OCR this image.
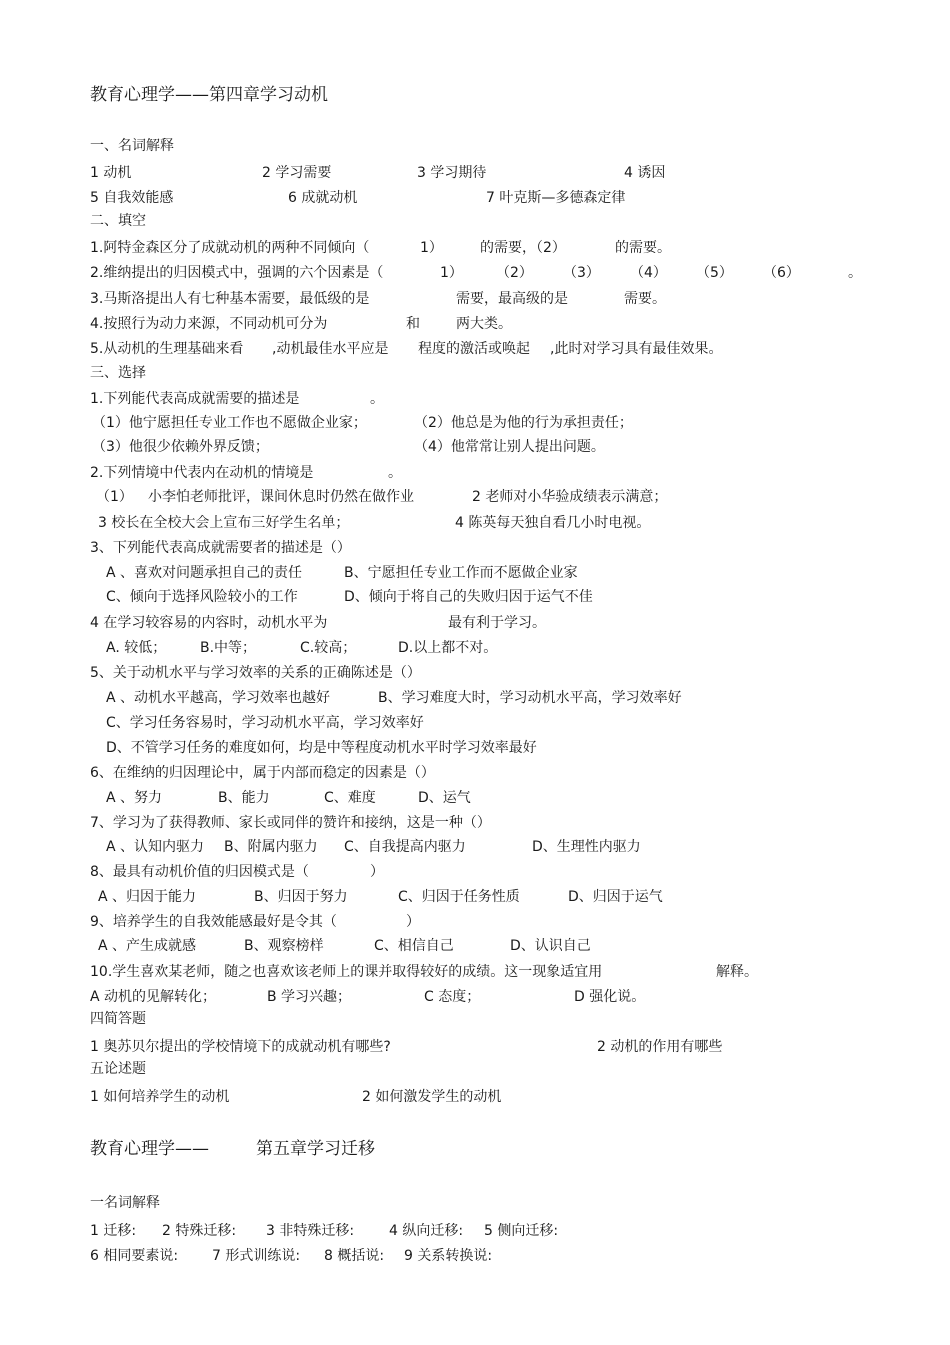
教育心理学——第四章学习动机
一、名词解释
1 动机	2 学习需要	3 学习期待	4 诱因
5 自我效能感	6 成就动机	7 叶克斯—多德森定律
二、填空
1.阿特金森区分了成就动机的两种不同倾向（	1）	的需要，（2）	的需要。
2.维纳提出的归因模式中，强调的六个因素是（	1） （2） （3） （4） （5） （6）	。
3.马斯洛提出人有七种基本需要，最低级的是	需要，最高级的是	需要。
4.按照行为动力来源，不同动机可分为	和	两大类。
5.从动机的生理基础来看 ,动机最佳水平应是 程度的激活或唤起 ,此时对学习具有最佳效果。
三、选择
1.下列能代表高成就需要的描述是	。
（1）他宁愿担任专业工作也不愿做企业家；	（2）他总是为他的行为承担责任；
（3）他很少依赖外界反馈；	（4）他常常让别人提出问题。
2.下列情境中代表内在动机的情境是	。
（1） 小李怕老师批评，课间休息时仍然在做作业	2 老师对小华验成绩表示满意；
3 校长在全校大会上宣布三好学生名单；	4 陈英每天独自看几小时电视。
3、下列能代表高成就需要者的描述是（）
A 、喜欢对问题承担自己的责任	B、宁愿担任专业工作而不愿做企业家
C、倾向于选择风险较小的工作	D、倾向于将自己的失败归因于运气不佳
4 在学习较容易的内容时，动机水平为	最有利于学习。
A. 较低； B.中等；	C.较高；	D.以上都不对。
5、关于动机水平与学习效率的关系的正确陈述是（）
A 、动机水平越高，学习效率也越好	B、学习难度大时，学习动机水平高，学习效率好
C、学习任务容易时，学习动机水平高，学习效率好
D、不管学习任务的难度如何，均是中等程度动机水平时学习效率最好
6、在维纳的归因理论中，属于内部而稳定的因素是（）
A 、努力	B、能力	C、难度	D、运气
7、学习为了获得教师、家长或同伴的赞许和接纳，这是一种（）
A 、认知内驱力 B、附属内驱力 C、自我提高内驱力	D、生理性内驱力
8、最具有动机价值的归因模式是（	）
A 、归因于能力	B、归因于努力	C、归因于任务性质	D、归因于运气
9、培养学生的自我效能感最好是令其（	）
A 、产生成就感	B、观察榜样	C、相信自己	D、认识自己
10.学生喜欢某老师，随之也喜欢该老师上的课并取得较好的成绩。这一现象适宜用	解释。
A 动机的见解转化；	B 学习兴趣；	C 态度；	D 强化说。
四简答题
1 奥苏贝尔提出的学校情境下的成就动机有哪些?	2 动机的作用有哪些
五论述题
1 如何培养学生的动机	2 如何激发学生的动机
教育心理学——	第五章学习迁移
一名词解释
1 迁移: 2 特殊迁移: 3 非特殊迁移: 4 纵向迁移: 5 侧向迁移:
6 相同要素说: 7 形式训练说: 8 概括说: 9 关系转换说:
